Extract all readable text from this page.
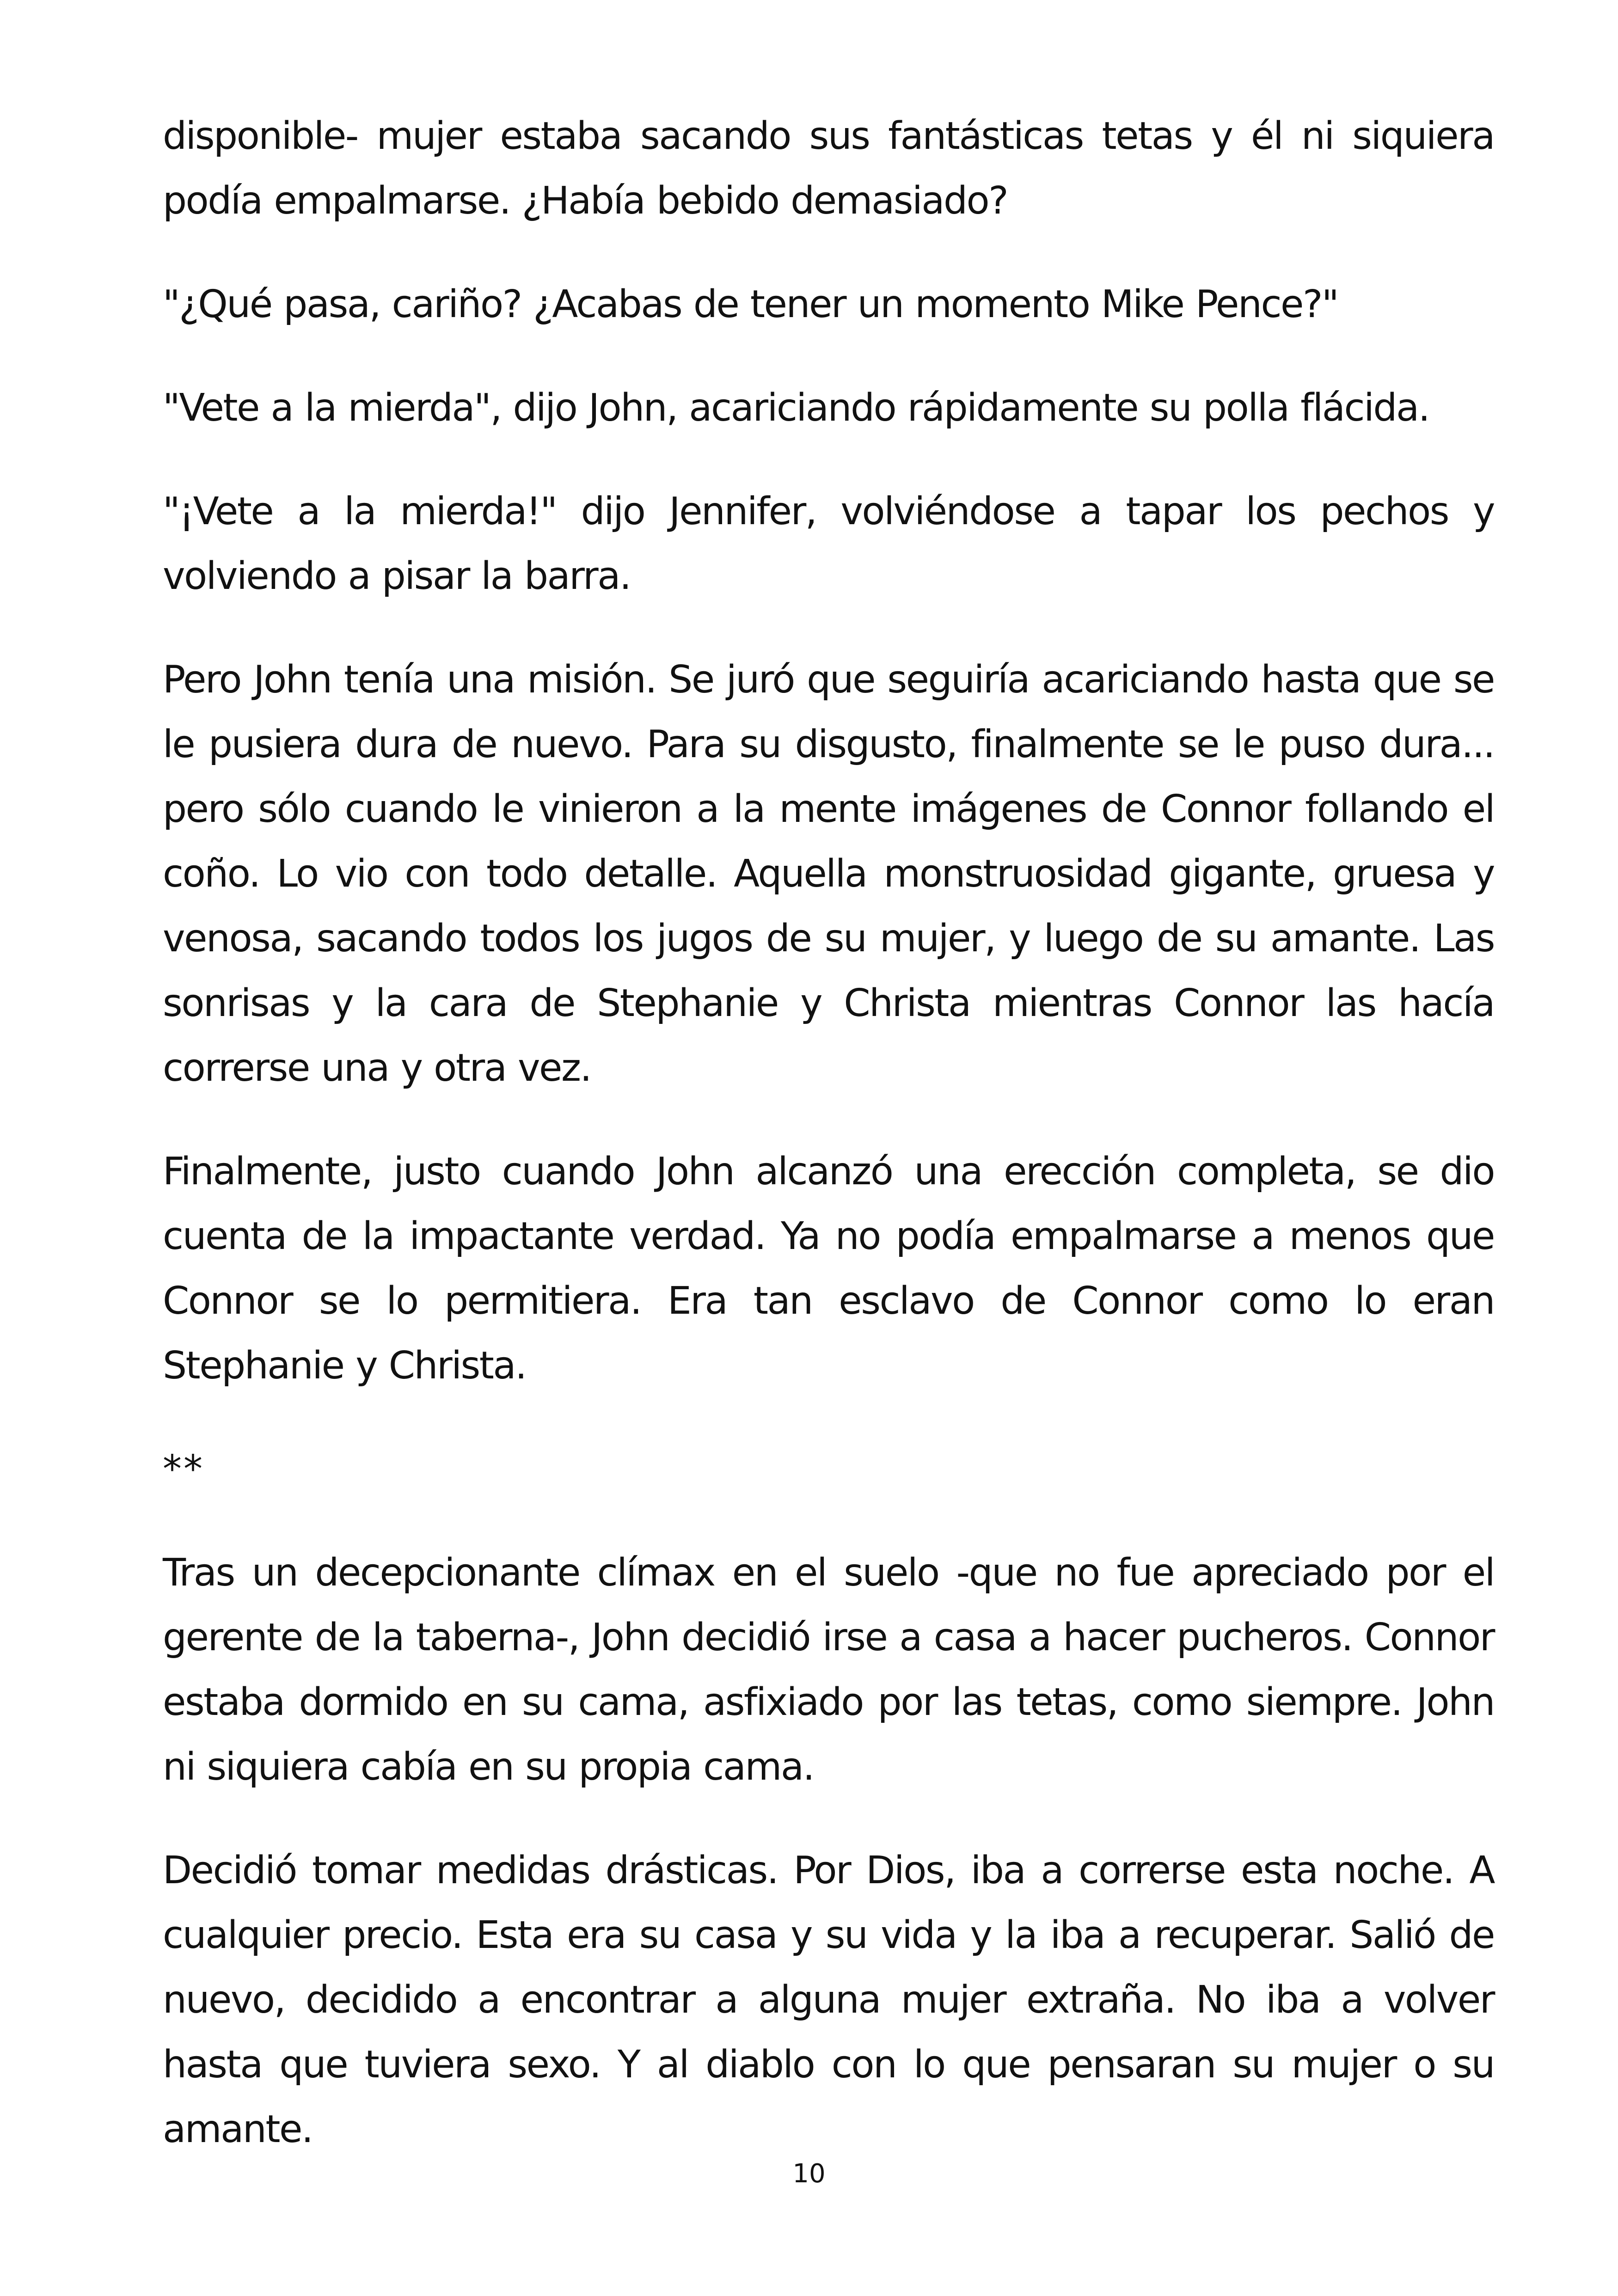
disponible- mujer estaba sacando sus fantásticas tetas y él ni siquiera podía empalmarse. ¿Había bebido demasiado?

"¿Qué pasa, cariño? ¿Acabas de tener un momento Mike Pence?"

"Vete a la mierda", dijo John, acariciando rápidamente su polla flácida.

"¡Vete a la mierda!" dijo Jennifer, volviéndose a tapar los pechos y volviendo a pisar la barra.

Pero John tenía una misión. Se juró que seguiría acariciando hasta que se le pusiera dura de nuevo. Para su disgusto, finalmente se le puso dura... pero sólo cuando le vinieron a la mente imágenes de Connor follando el coño. Lo vio con todo detalle. Aquella monstruosidad gigante, gruesa y venosa, sacando todos los jugos de su mujer, y luego de su amante. Las sonrisas y la cara de Stephanie y Christa mientras Connor las hacía correrse una y otra vez.

Finalmente, justo cuando John alcanzó una erección completa, se dio cuenta de la impactante verdad. Ya no podía empalmarse a menos que Connor se lo permitiera. Era tan esclavo de Connor como lo eran Stephanie y Christa.

**

Tras un decepcionante clímax en el suelo -que no fue apreciado por el gerente de la taberna-, John decidió irse a casa a hacer pucheros. Connor estaba dormido en su cama, asfixiado por las tetas, como siempre. John ni siquiera cabía en su propia cama.

Decidió tomar medidas drásticas. Por Dios, iba a correrse esta noche. A cualquier precio. Esta era su casa y su vida y la iba a recuperar. Salió de nuevo, decidido a encontrar a alguna mujer extraña. No iba a volver hasta que tuviera sexo. Y al diablo con lo que pensaran su mujer o su amante.

10
